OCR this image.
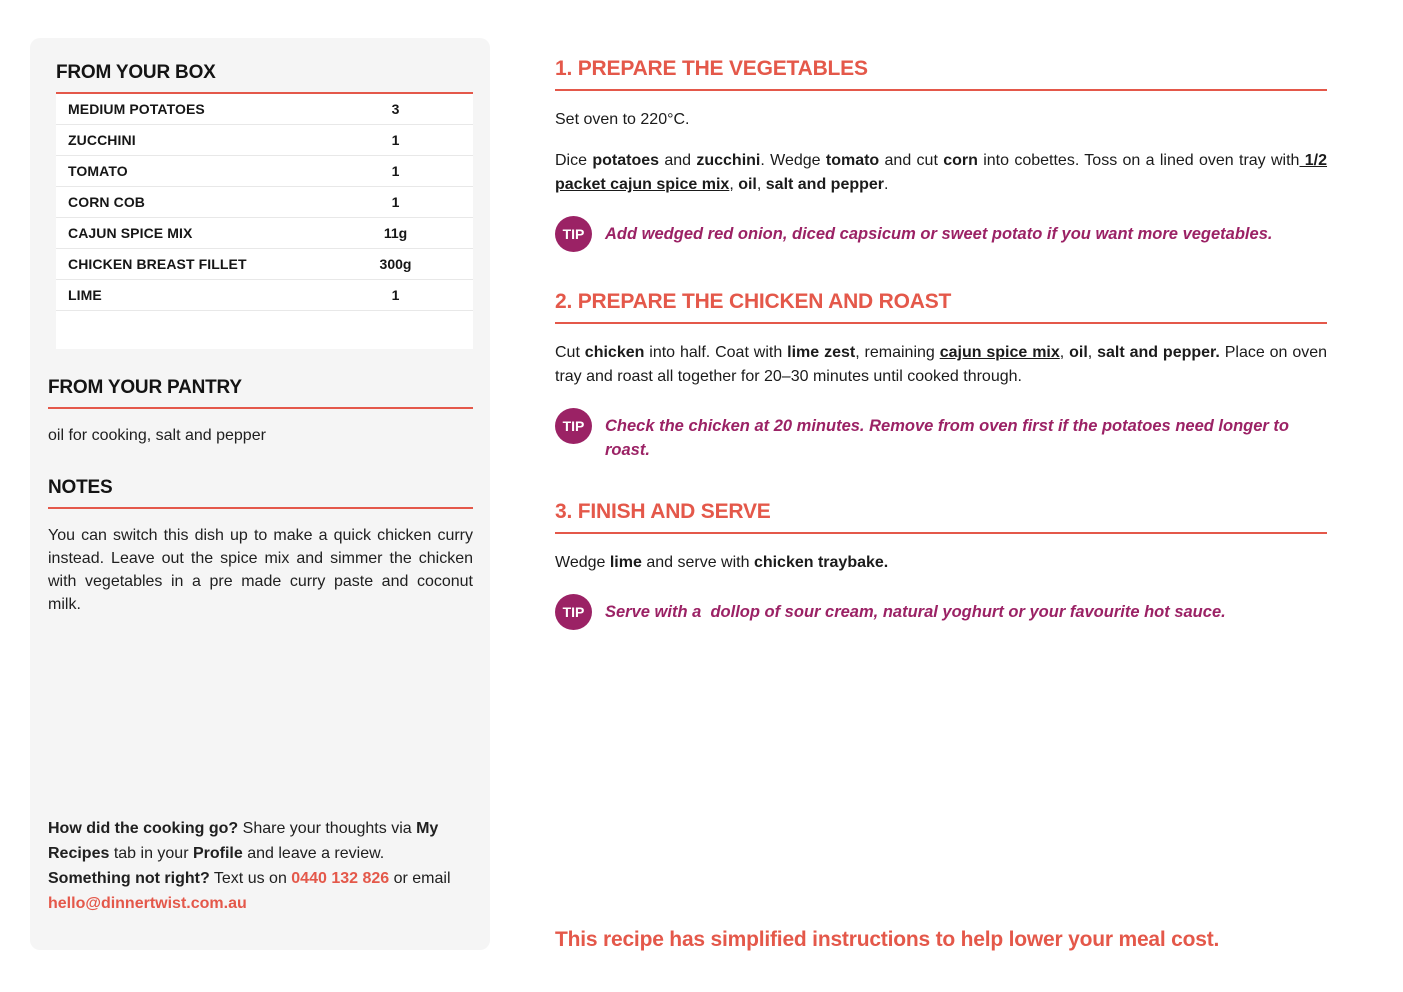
FROM YOUR BOX
MEDIUM POTATOES	3
ZUCCHINI	1
TOMATO	1
CORN COB	1
CAJUN SPICE MIX	11g
CHICKEN BREAST FILLET	300g
LIME	1
FROM YOUR PANTRY

oil for cooking, salt and pepper

NOTES

You can switch this dish up to make a quick chicken curry instead. Leave out the spice mix and simmer the chicken with vegetables in a pre made curry paste and coconut milk.

How did the cooking go? Share your thoughts via My Recipes tab in your Profile and leave a review. Something not right? Text us on 0440 132 826 or email hello@dinnertwist.com.au

1. PREPARE THE VEGETABLES

Set oven to 220°C.

Dice potatoes and zucchini. Wedge tomato and cut corn into cobettes. Toss on a lined oven tray with 1/2 packet cajun spice mix, oil, salt and pepper.

TIP Add wedged red onion, diced capsicum or sweet potato if you want more vegetables.

2. PREPARE THE CHICKEN AND ROAST

Cut chicken into half. Coat with lime zest, remaining cajun spice mix, oil, salt and pepper. Place on oven tray and roast all together for 20–30 minutes until cooked through.

TIP Check the chicken at 20 minutes. Remove from oven first if the potatoes need longer to roast.

3. FINISH AND SERVE

Wedge lime and serve with chicken traybake.

TIP Serve with a  dollop of sour cream, natural yoghurt or your favourite hot sauce.

This recipe has simplified instructions to help lower your meal cost.
